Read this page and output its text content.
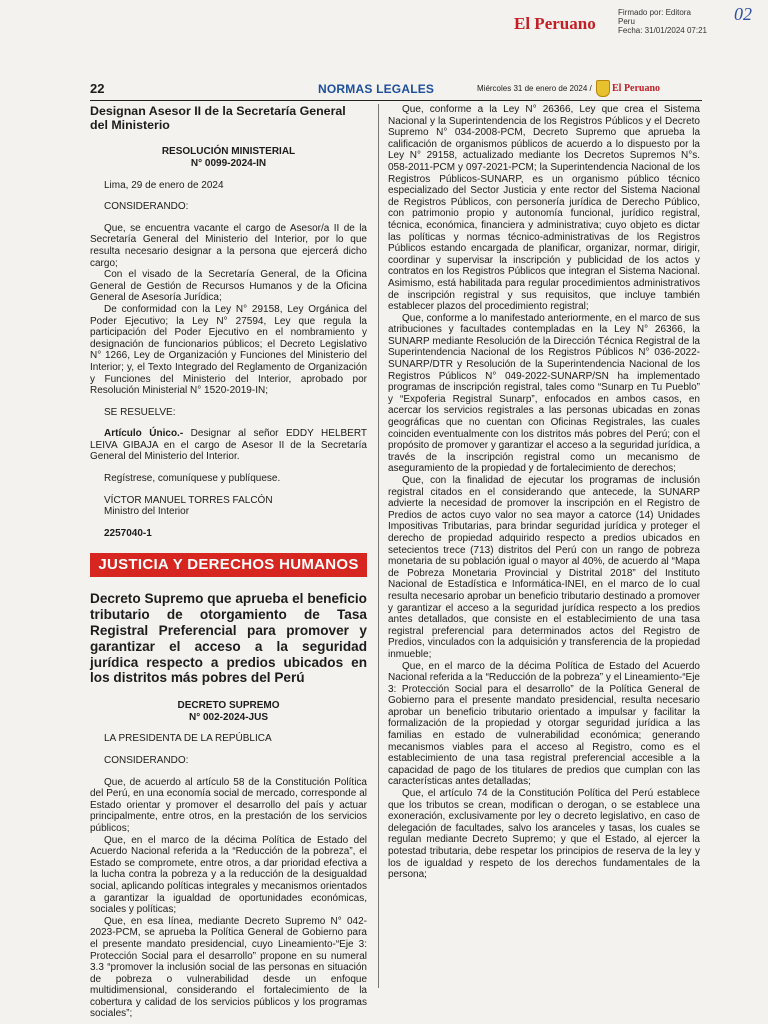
El Peruano
Firmado por: Editora
Peru
Fecha: 31/01/2024 07:21
02
22	NORMAS LEGALES	Miércoles 31 de enero de 2024 / El Peruano

Designan Asesor II de la Secretaría General del Ministerio

RESOLUCIÓN MINISTERIAL

N° 0099-2024-IN

Lima, 29 de enero de 2024

CONSIDERANDO:

Que, se encuentra vacante el cargo de Asesor/a II de la Secretaría General del Ministerio del Interior, por lo que resulta necesario designar a la persona que ejercerá dicho cargo;

Con el visado de la Secretaría General, de la Oficina General de Gestión de Recursos Humanos y de la Oficina General de Asesoría Jurídica;

De conformidad con la Ley N° 29158, Ley Orgánica del Poder Ejecutivo; la Ley N° 27594, Ley que regula la participación del Poder Ejecutivo en el nombramiento y designación de funcionarios públicos; el Decreto Legislativo N° 1266, Ley de Organización y Funciones del Ministerio del Interior; y, el Texto Integrado del Reglamento de Organización y Funciones del Ministerio del Interior, aprobado por Resolución Ministerial N° 1520-2019-IN;

SE RESUELVE:

Artículo Único.- Designar al señor EDDY HELBERT LEIVA GIBAJA en el cargo de Asesor II de la Secretaría General del Ministerio del Interior.

Regístrese, comuníquese y publíquese.

VÍCTOR MANUEL TORRES FALCÓN

Ministro del Interior

2257040-1

JUSTICIA Y DERECHOS HUMANOS

Decreto Supremo que aprueba el beneficio tributario de otorgamiento de Tasa Registral Preferencial para promover y garantizar el acceso a la seguridad jurídica respecto a predios ubicados en los distritos más pobres del Perú

DECRETO SUPREMO

N° 002-2024-JUS

LA PRESIDENTA DE LA REPÚBLICA

CONSIDERANDO:

Que, de acuerdo al artículo 58 de la Constitución Política del Perú, en una economía social de mercado, corresponde al Estado orientar y promover el desarrollo del país y actuar principalmente, entre otros, en la prestación de los servicios públicos;

Que, en el marco de la décima Política de Estado del Acuerdo Nacional referida a la “Reducción de la pobreza”, el Estado se compromete, entre otros, a dar prioridad efectiva a la lucha contra la pobreza y a la reducción de la desigualdad social, aplicando políticas integrales y mecanismos orientados a garantizar la igualdad de oportunidades económicas, sociales y políticas;

Que, en esa línea, mediante Decreto Supremo N° 042-2023-PCM, se aprueba la Política General de Gobierno para el presente mandato presidencial, cuyo Lineamiento-“Eje 3: Protección Social para el desarrollo” propone en su numeral 3.3 “promover la inclusión social de las personas en situación de pobreza o vulnerabilidad desde un enfoque multidimensional, considerando el fortalecimiento de la cobertura y calidad de los servicios públicos y los programas sociales”;

Que, conforme a la Ley N° 26366, Ley que crea el Sistema Nacional y la Superintendencia de los Registros Públicos y el Decreto Supremo N° 034-2008-PCM, Decreto Supremo que aprueba la calificación de organismos públicos de acuerdo a lo dispuesto por la Ley N° 29158, actualizado mediante los Decretos Supremos N°s. 058-2011-PCM y 097-2021-PCM; la Superintendencia Nacional de los Registros Públicos-SUNARP, es un organismo público técnico especializado del Sector Justicia y ente rector del Sistema Nacional de Registros Públicos, con personería jurídica de Derecho Público, con patrimonio propio y autonomía funcional, jurídico registral, técnica, económica, financiera y administrativa; cuyo objeto es dictar las políticas y normas técnico-administrativas de los Registros Públicos estando encargada de planificar, organizar, normar, dirigir, coordinar y supervisar la inscripción y publicidad de los actos y contratos en los Registros Públicos que integran el Sistema Nacional. Asimismo, está habilitada para regular procedimientos administrativos de inscripción registral y sus requisitos, que incluye también establecer plazos del procedimiento registral;

Que, conforme a lo manifestado anteriormente, en el marco de sus atribuciones y facultades contempladas en la Ley N° 26366, la SUNARP mediante Resolución de la Dirección Técnica Registral de la Superintendencia Nacional de los Registros Públicos N° 036-2022-SUNARP/DTR y Resolución de la Superintendencia Nacional de los Registros Públicos N° 049-2022-SUNARP/SN ha implementado programas de inscripción registral, tales como “Sunarp en Tu Pueblo” y “Expoferia Registral Sunarp”, enfocados en ambos casos, en acercar los servicios registrales a las personas ubicadas en zonas geográficas que no cuentan con Oficinas Registrales, las cuales coinciden eventualmente con los distritos más pobres del Perú; con el propósito de promover y garantizar el acceso a la seguridad jurídica, a través de la inscripción registral como un mecanismo de aseguramiento de la propiedad y de fortalecimiento de derechos;

Que, con la finalidad de ejecutar los programas de inclusión registral citados en el considerando que antecede, la SUNARP advierte la necesidad de promover la inscripción en el Registro de Predios de actos cuyo valor no sea mayor a catorce (14) Unidades Impositivas Tributarias, para brindar seguridad jurídica y proteger el derecho de propiedad adquirido respecto a predios ubicados en setecientos trece (713) distritos del Perú con un rango de pobreza monetaria de su población igual o mayor al 40%, de acuerdo al “Mapa de Pobreza Monetaria Provincial y Distrital 2018” del Instituto Nacional de Estadística e Informática-INEI, en el marco de lo cual resulta necesario aprobar un beneficio tributario destinado a promover y garantizar el acceso a la seguridad jurídica respecto a los predios antes detallados, que consiste en el establecimiento de una tasa registral preferencial para determinados actos del Registro de Predios, vinculados con la adquisición y transferencia de la propiedad inmueble;

Que, en el marco de la décima Política de Estado del Acuerdo Nacional referida a la “Reducción de la pobreza” y el Lineamiento-“Eje 3: Protección Social para el desarrollo” de la Política General de Gobierno para el presente mandato presidencial, resulta necesario aprobar un beneficio tributario orientado a impulsar y facilitar la formalización de la propiedad y otorgar seguridad jurídica a las familias en estado de vulnerabilidad económica; generando mecanismos viables para el acceso al Registro, como es el establecimiento de una tasa registral preferencial accesible a la capacidad de pago de los titulares de predios que cumplan con las características antes detalladas;

Que, el artículo 74 de la Constitución Política del Perú establece que los tributos se crean, modifican o derogan, o se establece una exoneración, exclusivamente por ley o decreto legislativo, en caso de delegación de facultades, salvo los aranceles y tasas, los cuales se regulan mediante Decreto Supremo; y que el Estado, al ejercer la potestad tributaria, debe respetar los principios de reserva de la ley y los de igualdad y respeto de los derechos fundamentales de la persona;
